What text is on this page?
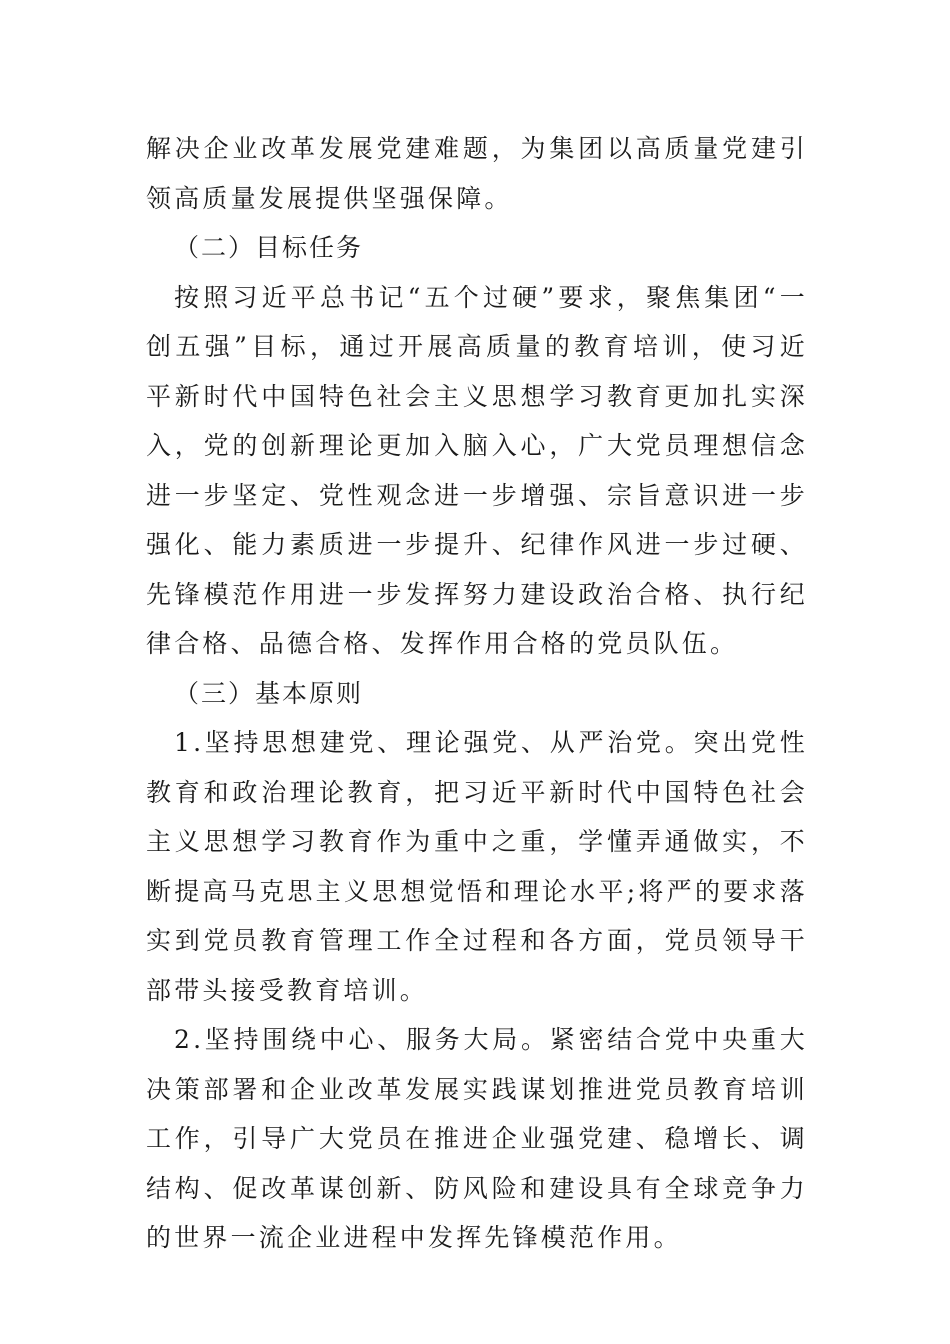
解决企业改革发展党建难题，为集团以高质量党建引领高质量发展提供坚强保障。

（二）目标任务

按照习近平总书记“五个过硬”要求，聚焦集团“一创五强”目标，通过开展高质量的教育培训，使习近平新时代中国特色社会主义思想学习教育更加扎实深入，党的创新理论更加入脑入心，广大党员理想信念进一步坚定、党性观念进一步增强、宗旨意识进一步强化、能力素质进一步提升、纪律作风进一步过硬、先锋模范作用进一步发挥努力建设政治合格、执行纪律合格、品德合格、发挥作用合格的党员队伍。

（三）基本原则

1.坚持思想建党、理论强党、从严治党。突出党性教育和政治理论教育，把习近平新时代中国特色社会主义思想学习教育作为重中之重，学懂弄通做实，不断提高马克思主义思想觉悟和理论水平;将严的要求落实到党员教育管理工作全过程和各方面，党员领导干部带头接受教育培训。

2.坚持围绕中心、服务大局。紧密结合党中央重大决策部署和企业改革发展实践谋划推进党员教育培训工作，引导广大党员在推进企业强党建、稳增长、调结构、促改革谋创新、防风险和建设具有全球竞争力的世界一流企业进程中发挥先锋模范作用。
